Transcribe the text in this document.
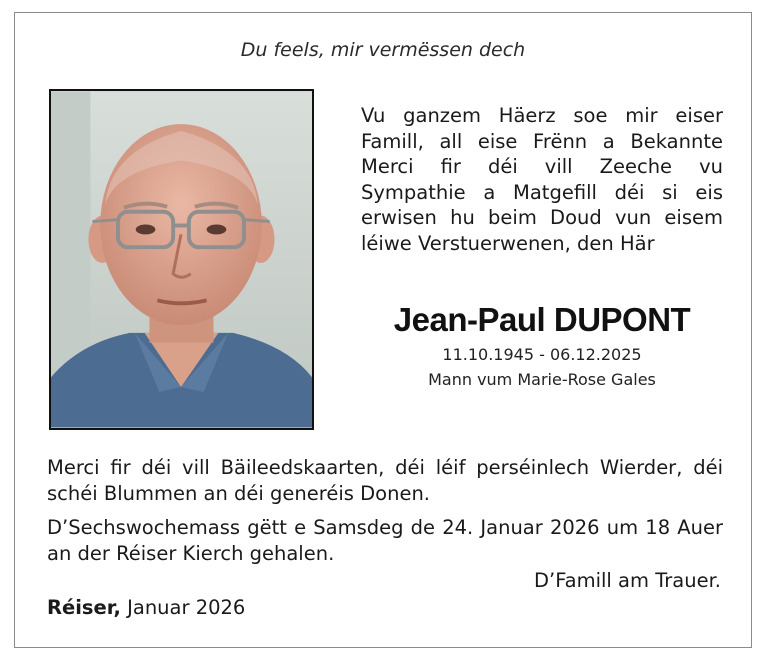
Du feels, mir vermëssen dech
Vu ganzem Häerz soe mir eiser
Famill, all eise Frënn a Bekannte
Merci fir déi vill Zeeche vu
Sympathie a Matgefill déi si eis
erwisen hu beim Doud vun eisem
léiwe Verstuerwenen, den Här
Jean-Paul DUPONT
11.10.1945 - 06.12.2025
Mann vum Marie-Rose Gales
Merci fir déi vill Bäileedskaarten, déi léif perséinlech Wierder, déi schéi Blummen an déi generéis Donen.
D’Sechswochemass gëtt e Samsdeg de 24. Januar 2026 um 18 Auer an der Réiser Kierch gehalen.
D’Famill am Trauer.
Réiser, Januar 2026
